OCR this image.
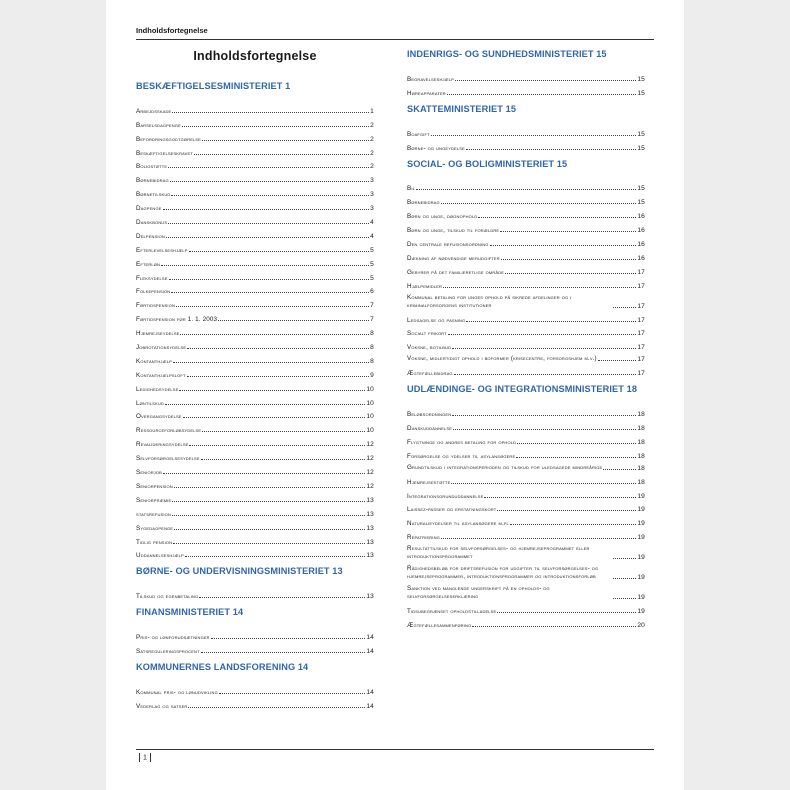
Indholdsfortegnelse
Indholdsfortegnelse
BESKÆFTIGELSESMINISTERIET 1
Arbejdsskade	1
Barselsdagpenge	2
Befordringsgodtgørelse	2
Beskæftigelseskravet	2
Boligstøtte	2
Børnebidrag	3
Børnetilskud	3
Dagpenge	3
Danskbonus	4
Delpension	4
Efterlevelseshjælp	5
Efterløn	5
Fleksydelse	5
Folkepension	6
Førtidspension	7
Førtidspension før 1. 1. 2003	7
Hjemrejseydelse	8
Jobrotationsydelse	8
Kontanthjælp	8
Kontanthjælpsloft	9
Ledighedsydelse	10
Løntilskud	10
Overgangsydelse	10
Ressourceforløbsydelse	10
Revalideringsydelse	12
Selvforsørgelsesydelse	12
Seniorjob	12
Seniorpension	12
Seniorpræmie	13
statsrefusion	13
Sygedagpenge	13
Tidlig pension	13
Uddannelseshjælp	13
BØRNE- OG UNDERVISNINGSMINISTERIET 13
Tilskud og egenbetaling	13
FINANSMINISTERIET 14
Pris- og lønforudsætninger	14
Satsreguleringsprocent	14
KOMMUNERNES LANDSFORENING 14
Kommunal pris- og lønudvikling	14
Vederlag og satser	14
INDENRIGS- OG SUNDHEDSMINISTERIET 15
Begravelseshjælp	15
Høreapparater	15
SKATTEMINISTERIET 15
Boafgift	15
Børne- og ungeydelse	15
SOCIAL- OG BOLIGMINISTERIET 15
Bil	15
Børnebidrag	15
Børn og unge, døgnophold	16
Børn og unge, tilskud til forældre	16
Den centrale refusionsordning	16
Dækning af nødvendige merudgifter	16
Gebyrer på det familieretlige område	17
Hjælpemidler	17
Kommunal betaling for unges ophold på sikrede afdelinger og i kriminalforsorgens institutioner	17
Ledsagelse og pasning	17
Socialt frikort	17
Voksne, botilbud	17
Voksne, midlertidigt ophold i boformer (krisecentre, forsorgshjem m.v.)	17
Ægtefællebidrag	17
UDLÆNDINGE- OG INTEGRATIONSMINISTERIET 18
Beløbsordningen	18
Danskuddannelse	18
Flygtninge og andres betaling for ophold	18
Forsørgelse og ydelser til asylansøgere	18
Grundtilskud i integrationsperioden og tilskud for uledsagede mindreårige	18
Hjemrejsestøtte	18
Integrationsgrunduddannelse	19
Laissez-passer og erstatningskort	19
Naturalieydelser til asylansøgere m.fl	19
Repatriering	19
Resultattilskud for selvforsørgelses- og hjemrejseprogrammet eller introduktionsprogrammet	19
Rådighedsbeløb for driftsrefusion for udgifter til selvforsørgelses- og hjemrejseprogrammer, introduktionsprogrammer og introduktionsforløb	19
Sanktion ved manglende underskrift på en opholds- og selvforsørgelseserklæring	19
Tidsubegrænset opholdstilladelse	19
Ægtefællesammenføring	20
1
